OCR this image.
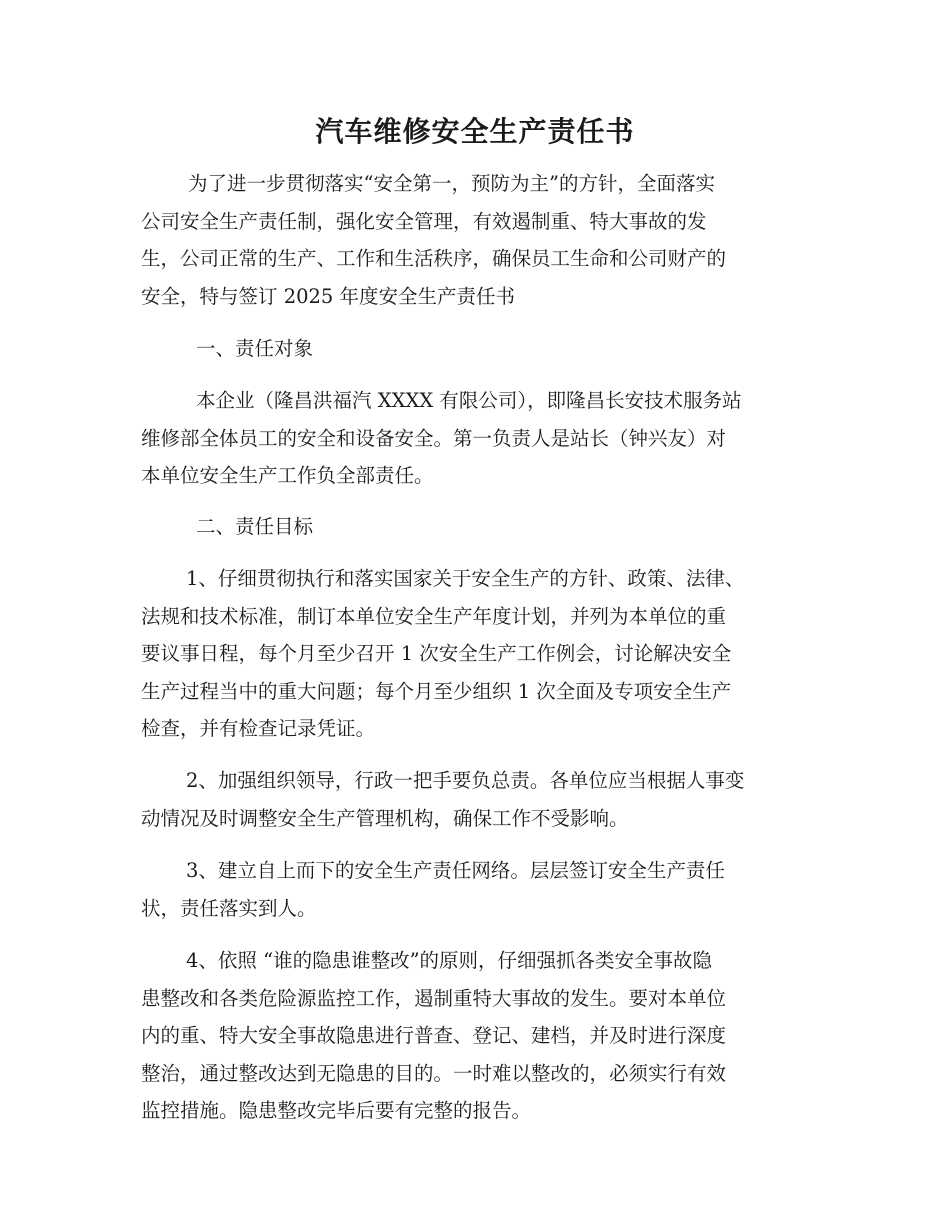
汽车维修安全生产责任书
为了进一步贯彻落实“安全第一，预防为主”的方针，全面落实
公司安全生产责任制，强化安全管理，有效遏制重、特大事故的发
生，公司正常的生产、工作和生活秩序，确保员工生命和公司财产的
安全，特与签订 2025 年度安全生产责任书
一、责任对象
本企业（隆昌洪福汽 XXXX 有限公司），即隆昌长安技术服务站
维修部全体员工的安全和设备安全。第一负责人是站长（钟兴友）对
本单位安全生产工作负全部责任。
二、责任目标
1、仔细贯彻执行和落实国家关于安全生产的方针、政策、法律、
法规和技术标准，制订本单位安全生产年度计划，并列为本单位的重
要议事日程，每个月至少召开 1 次安全生产工作例会，讨论解决安全
生产过程当中的重大问题；每个月至少组织 1 次全面及专项安全生产
检查，并有检查记录凭证。
2、加强组织领导，行政一把手要负总责。各单位应当根据人事变
动情况及时调整安全生产管理机构，确保工作不受影响。
3、建立自上而下的安全生产责任网络。层层签订安全生产责任
状，责任落实到人。
4、依照 “谁的隐患谁整改”的原则，仔细强抓各类安全事故隐
患整改和各类危险源监控工作，遏制重特大事故的发生。要对本单位
内的重、特大安全事故隐患进行普查、登记、建档，并及时进行深度
整治，通过整改达到无隐患的目的。一时难以整改的，必须实行有效
监控措施。隐患整改完毕后要有完整的报告。
